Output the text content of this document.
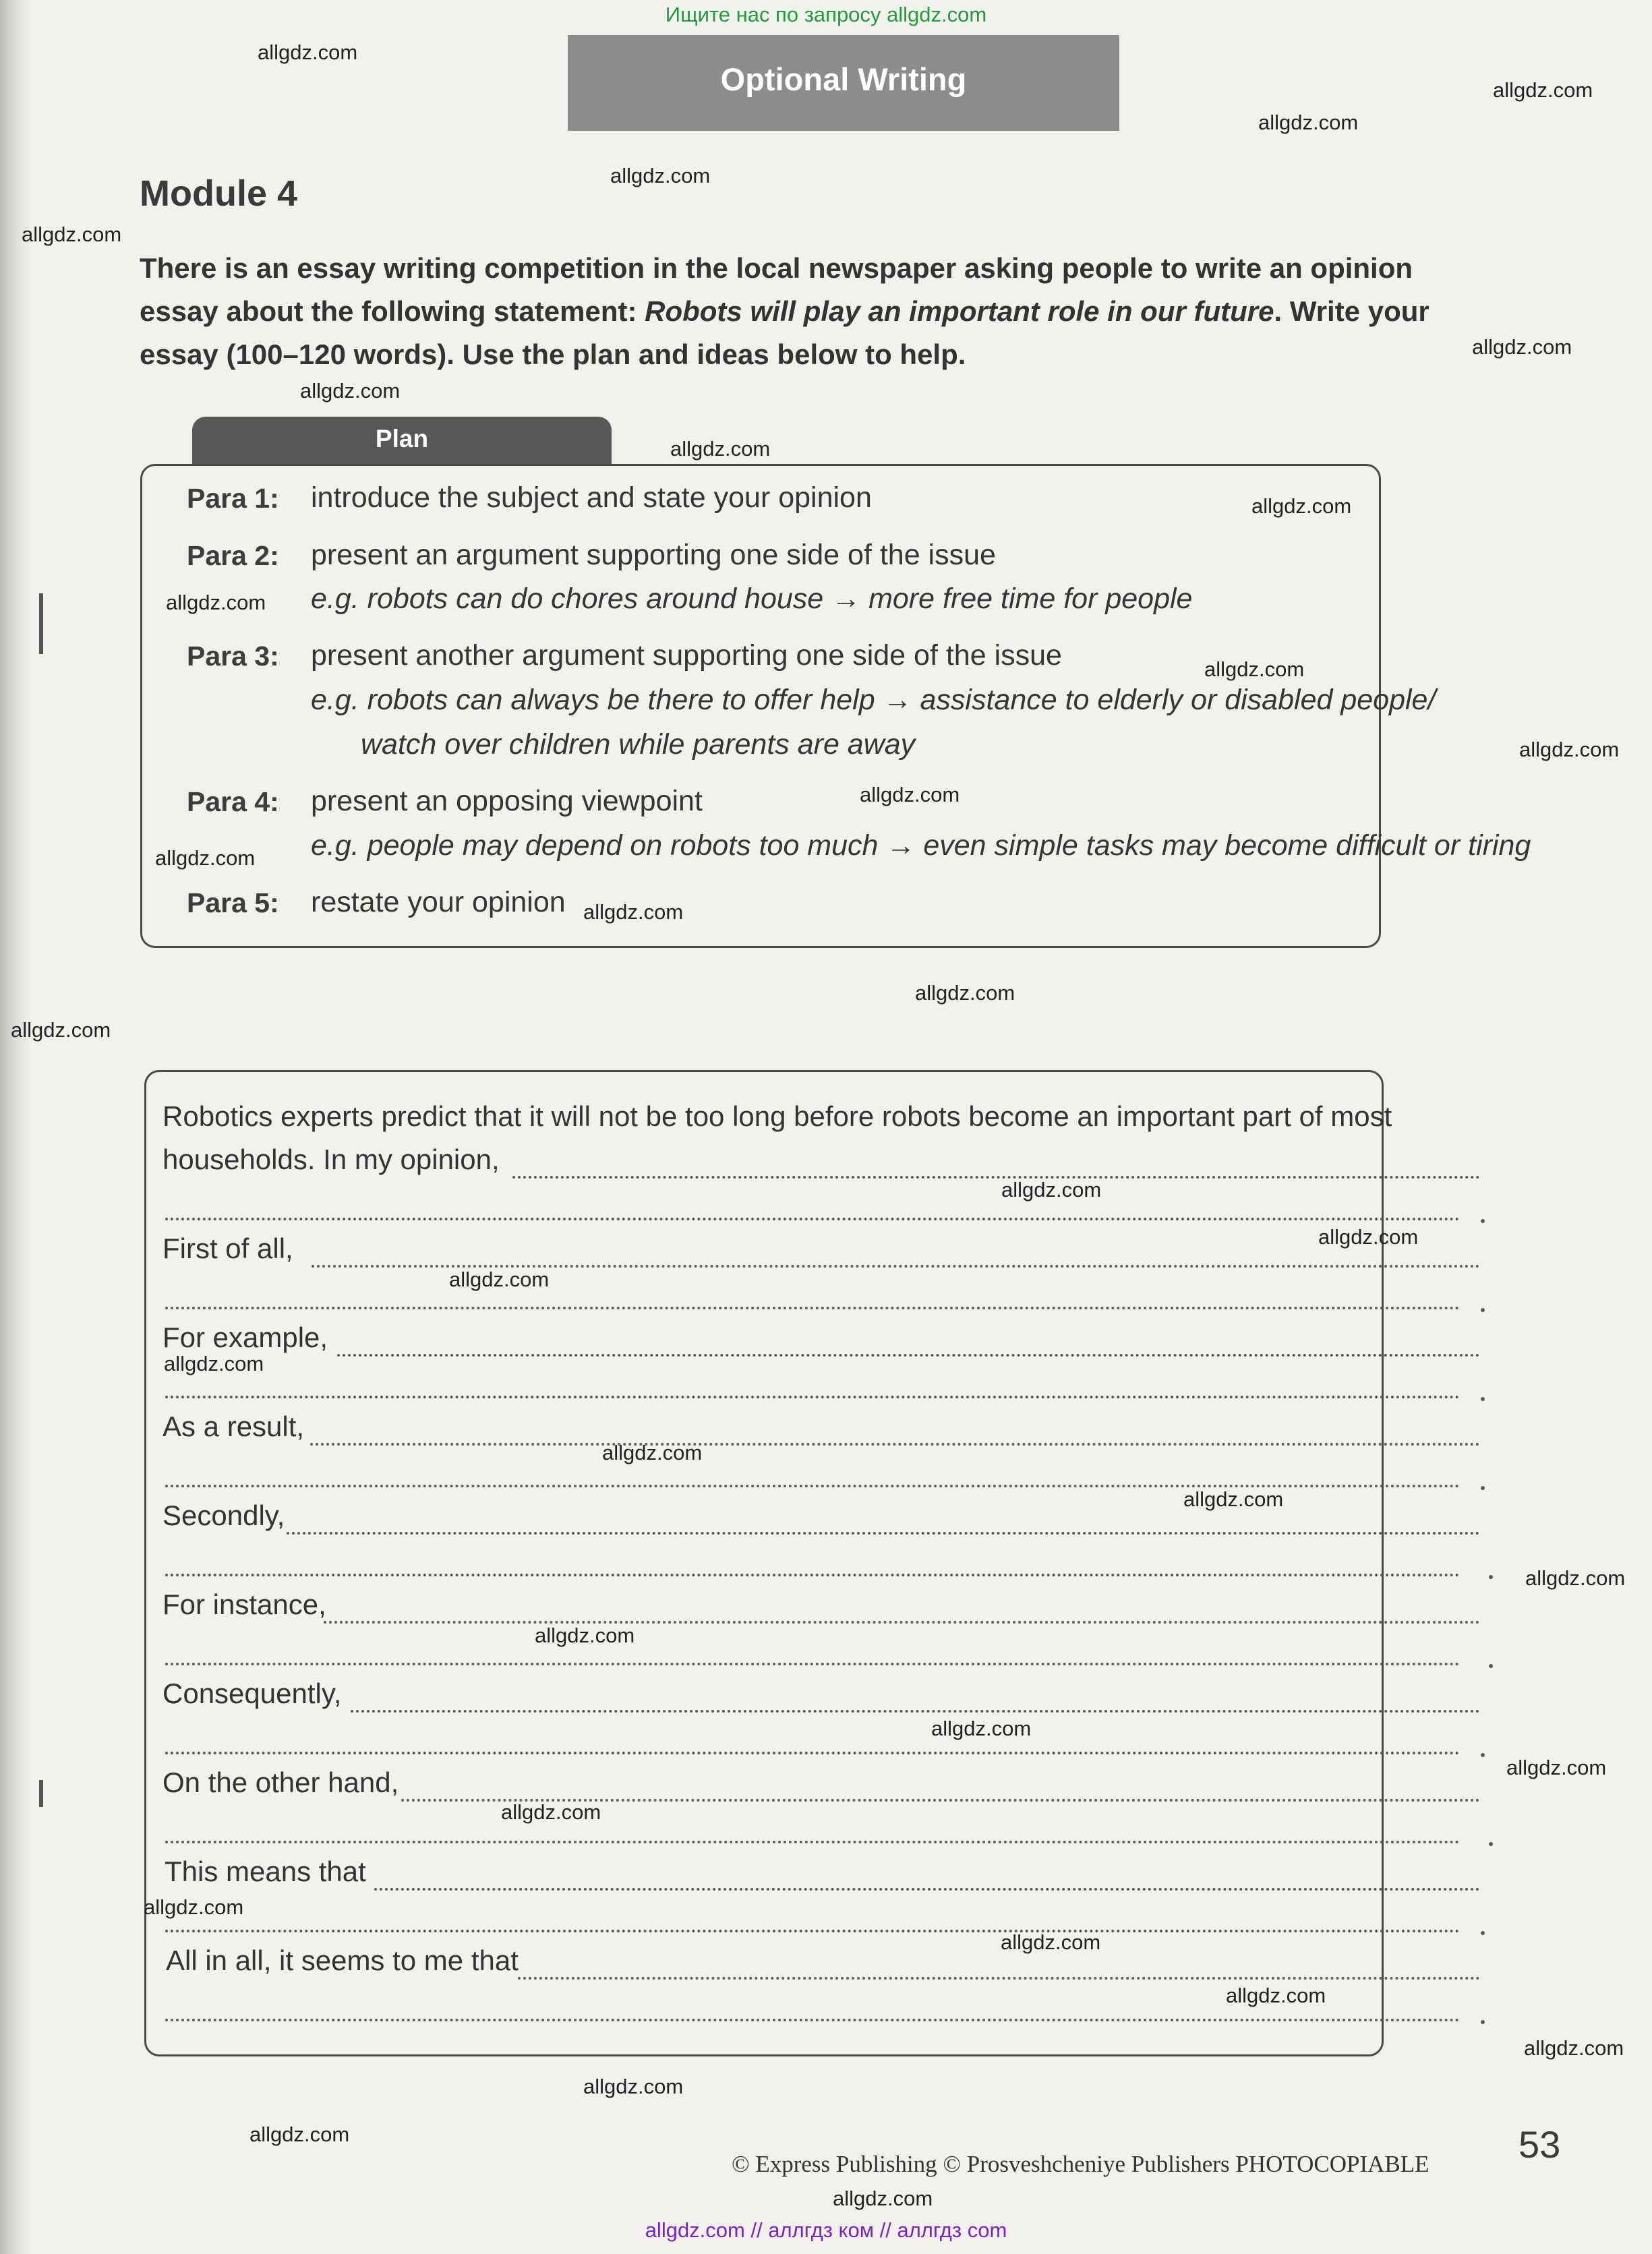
Ищите нас по запросу allgdz.com
Optional Writing
Module 4
There is an essay writing competition in the local newspaper asking people to write an opinion
essay about the following statement: Robots will play an important role in our future. Write your
essay (100–120 words). Use the plan and ideas below to help.
Plan
Para 1: introduce the subject and state your opinion
Para 2: present an argument supporting one side of the issue
e.g. robots can do chores around house → more free time for people
Para 3: present another argument supporting one side of the issue
e.g. robots can always be there to offer help → assistance to elderly or disabled people/
watch over children while parents are away
Para 4: present an opposing viewpoint
e.g. people may depend on robots too much → even simple tasks may become difficult or tiring
Para 5: restate your opinion
Robotics experts predict that it will not be too long before robots become an important part of most
households. In my opinion,
First of all,
For example,
As a result,
Secondly,
For instance,
Consequently,
On the other hand,
This means that
All in all, it seems to me that
allgdz.com
allgdz.com
allgdz.com
allgdz.com
allgdz.com
allgdz.com
allgdz.com
allgdz.com
allgdz.com
allgdz.com
allgdz.com
allgdz.com
allgdz.com
allgdz.com
allgdz.com
allgdz.com
allgdz.com
allgdz.com
allgdz.com
allgdz.com
allgdz.com
allgdz.com
allgdz.com
allgdz.com
allgdz.com
allgdz.com
allgdz.com
allgdz.com
allgdz.com
allgdz.com
allgdz.com
allgdz.com
allgdz.com
allgdz.com	53
© Express Publishing © Prosveshcheniye Publishers PHOTOCOPIABLE
allgdz.com
allgdz.com // аллгдз ком // аллгдз com
